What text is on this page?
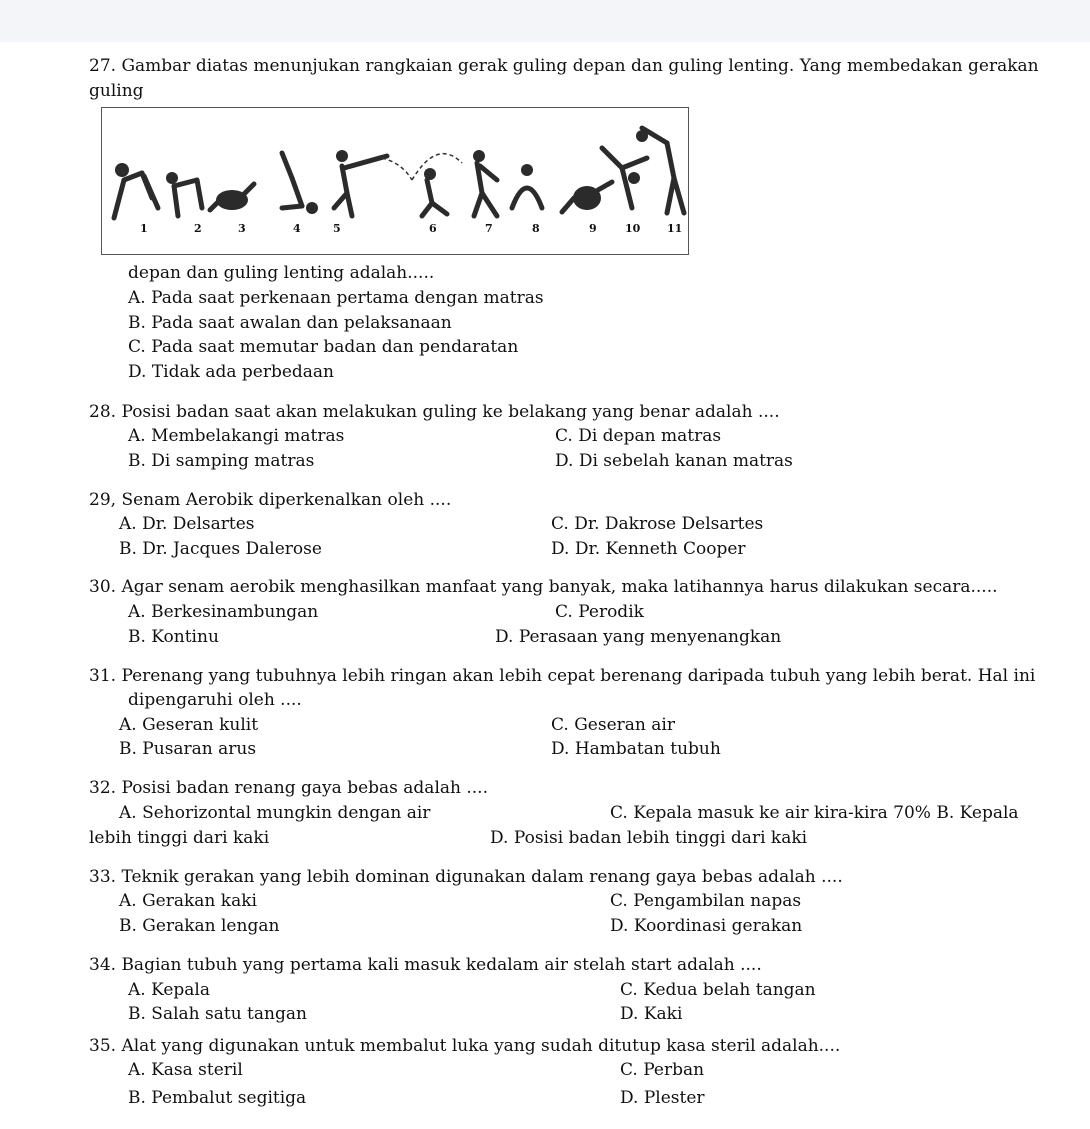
27. Gambar diatas menunjukan rangkaian gerak guling depan dan guling lenting. Yang membedakan gerakan
guling
1	2	3	4	5	6	7	8	9	10 11
depan dan guling lenting adalah.....
A. Pada saat perkenaan pertama dengan matras
B. Pada saat awalan dan pelaksanaan
C. Pada saat memutar badan dan pendaratan
D. Tidak ada perbedaan
28. Posisi badan saat akan melakukan guling ke belakang yang benar adalah ....
A. Membelakangi matras	C. Di depan matras
B. Di samping matras	D. Di sebelah kanan matras
29, Senam Aerobik diperkenalkan oleh ....
A. Dr. Delsartes	C. Dr. Dakrose Delsartes
B. Dr. Jacques Dalerose	D. Dr. Kenneth Cooper
30. Agar senam aerobik menghasilkan manfaat yang banyak, maka latihannya harus dilakukan secara.....
A. Berkesinambungan	C. Perodik
B. Kontinu	D. Perasaan yang menyenangkan
31. Perenang yang tubuhnya lebih ringan akan lebih cepat berenang daripada tubuh yang lebih berat. Hal ini
dipengaruhi oleh ....
A. Geseran kulit	C. Geseran air
B. Pusaran arus	D. Hambatan tubuh
32. Posisi badan renang gaya bebas adalah ....
A. Sehorizontal mungkin dengan air	C. Kepala masuk ke air kira-kira 70% B. Kepala
lebih tinggi dari kaki	D. Posisi badan lebih tinggi dari kaki
33. Teknik gerakan yang lebih dominan digunakan dalam renang gaya bebas adalah ....
A. Gerakan kaki	C. Pengambilan napas
B. Gerakan lengan	D. Koordinasi gerakan
34. Bagian tubuh yang pertama kali masuk kedalam air stelah start adalah ....
A. Kepala	C. Kedua belah tangan
B. Salah satu tangan	D. Kaki
35. Alat yang digunakan untuk membalut luka yang sudah ditutup kasa steril adalah....
A. Kasa steril	C. Perban
B. Pembalut segitiga	D. Plester
